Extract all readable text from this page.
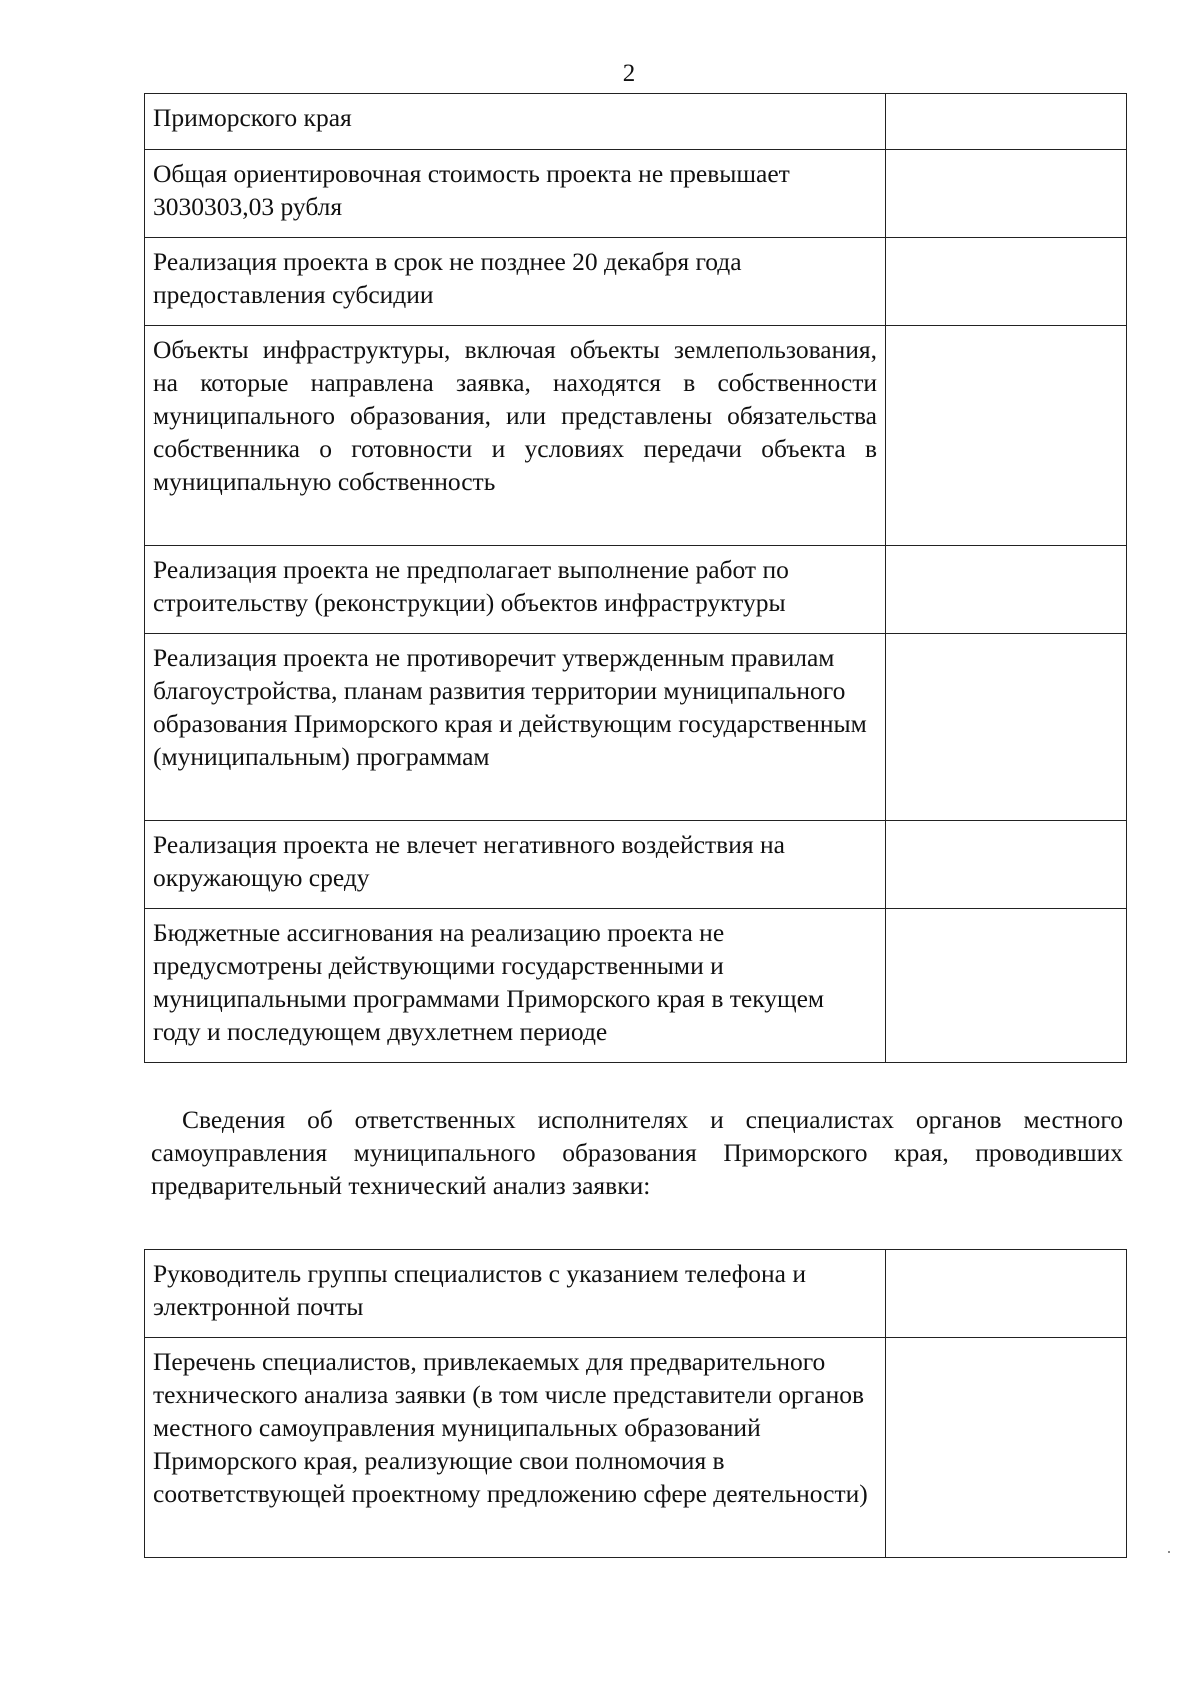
2
Приморского края	
Общая ориентировочная стоимость проекта не превышает 3030303,03 рубля	
Реализация проекта в срок не позднее 20 декабря года предоставления субсидии	
Объекты инфраструктуры, включая объекты землепользования, на которые направлена заявка, находятся в собственности муниципального образования, или представлены обязательства собственника о готовности и условиях передачи объекта в муниципальную собственность	
Реализация проекта не предполагает выполнение работ по строительству (реконструкции) объектов инфраструктуры	
Реализация проекта не противоречит утвержденным правилам благоустройства, планам развития территории муниципального образования Приморского края и действующим государственным (муниципальным) программам	
Реализация проекта не влечет негативного воздействия на окружающую среду	
Бюджетные ассигнования на реализацию проекта не предусмотрены действующими государственными и муниципальными программами Приморского края в текущем году и последующем двухлетнем периоде	
Сведения об ответственных исполнителях и специалистах органов местного самоуправления муниципального образования Приморского края, проводивших предварительный технический анализ заявки:
Руководитель группы специалистов с указанием телефона и электронной почты	
Перечень специалистов, привлекаемых для предварительного технического анализа заявки (в том числе представители органов местного самоуправления муниципальных образований Приморского края, реализующие свои полномочия в соответствующей проектному предложению сфере деятельности)	
